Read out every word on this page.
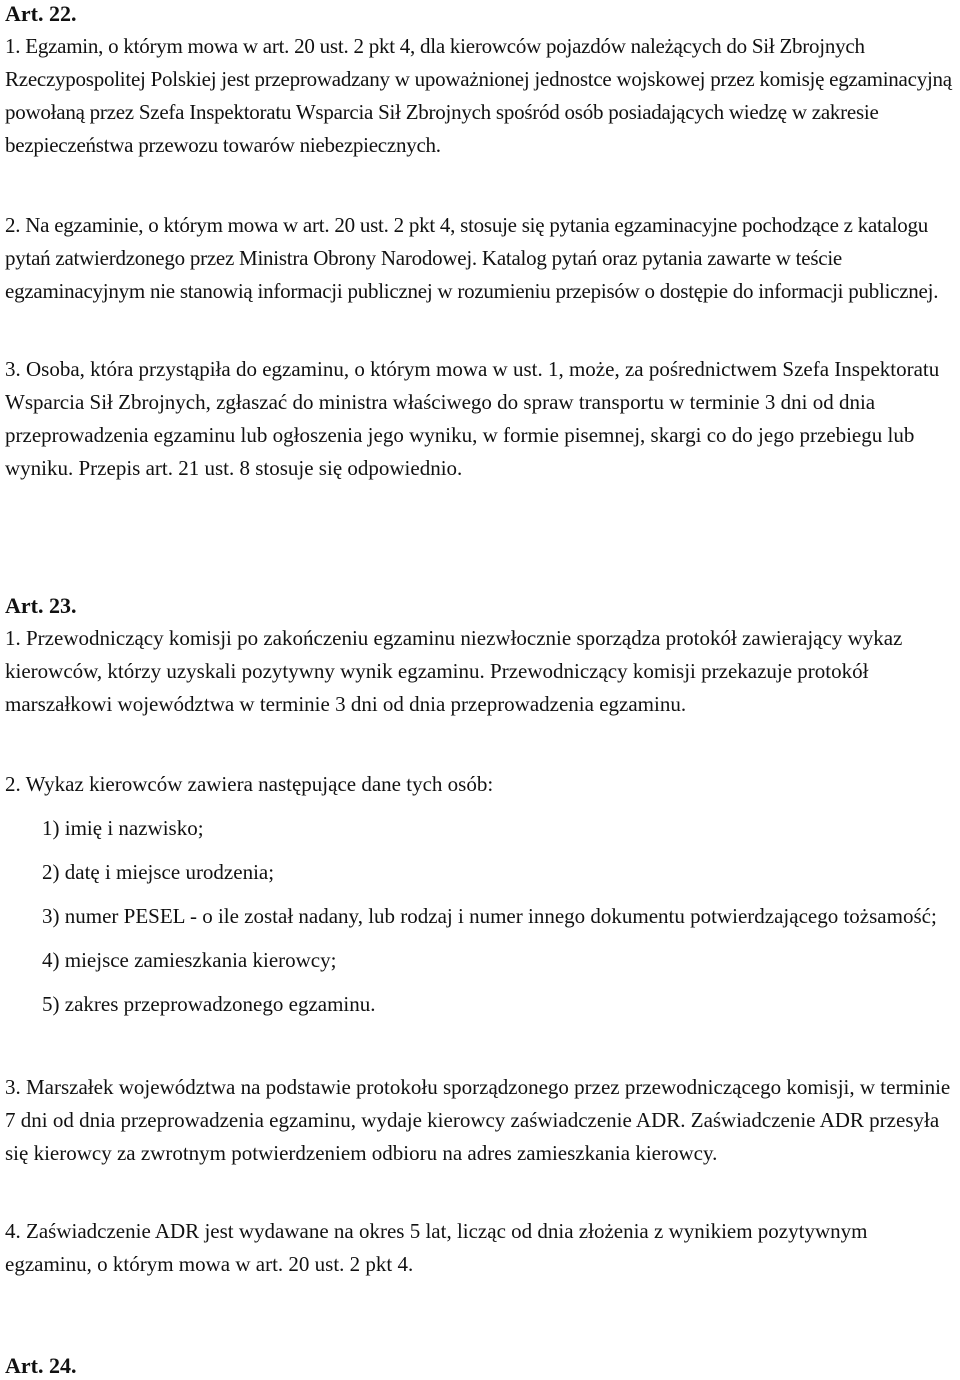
Art. 22.

1. Egzamin, o którym mowa w art. 20 ust. 2 pkt 4, dla kierowców pojazdów należących do Sił Zbrojnych Rzeczypospolitej Polskiej jest przeprowadzany w upoważnionej jednostce wojskowej przez komisję egzaminacyjną powołaną przez Szefa Inspektoratu Wsparcia Sił Zbrojnych spośród osób posiadających wiedzę w zakresie bezpieczeństwa przewozu towarów niebezpiecznych.

2. Na egzaminie, o którym mowa w art. 20 ust. 2 pkt 4, stosuje się pytania egzaminacyjne pochodzące z katalogu pytań zatwierdzonego przez Ministra Obrony Narodowej. Katalog pytań oraz pytania zawarte w teście egzaminacyjnym nie stanowią informacji publicznej w rozumieniu przepisów o dostępie do informacji publicznej.

3. Osoba, która przystąpiła do egzaminu, o którym mowa w ust. 1, może, za pośrednictwem Szefa Inspektoratu Wsparcia Sił Zbrojnych, zgłaszać do ministra właściwego do spraw transportu w terminie 3 dni od dnia przeprowadzenia egzaminu lub ogłoszenia jego wyniku, w formie pisemnej, skargi co do jego przebiegu lub wyniku. Przepis art. 21 ust. 8 stosuje się odpowiednio.

Art. 23.

1. Przewodniczący komisji po zakończeniu egzaminu niezwłocznie sporządza protokół zawierający wykaz kierowców, którzy uzyskali pozytywny wynik egzaminu. Przewodniczący komisji przekazuje protokół marszałkowi województwa w terminie 3 dni od dnia przeprowadzenia egzaminu.

2. Wykaz kierowców zawiera następujące dane tych osób:

1) imię i nazwisko;

2) datę i miejsce urodzenia;

3) numer PESEL - o ile został nadany, lub rodzaj i numer innego dokumentu potwierdzającego tożsamość;

4) miejsce zamieszkania kierowcy;

5) zakres przeprowadzonego egzaminu.

3. Marszałek województwa na podstawie protokołu sporządzonego przez przewodniczącego komisji, w terminie 7 dni od dnia przeprowadzenia egzaminu, wydaje kierowcy zaświadczenie ADR. Zaświadczenie ADR przesyła się kierowcy za zwrotnym potwierdzeniem odbioru na adres zamieszkania kierowcy.

4. Zaświadczenie ADR jest wydawane na okres 5 lat, licząc od dnia złożenia z wynikiem pozytywnym egzaminu, o którym mowa w art. 20 ust. 2 pkt 4.

Art. 24.
